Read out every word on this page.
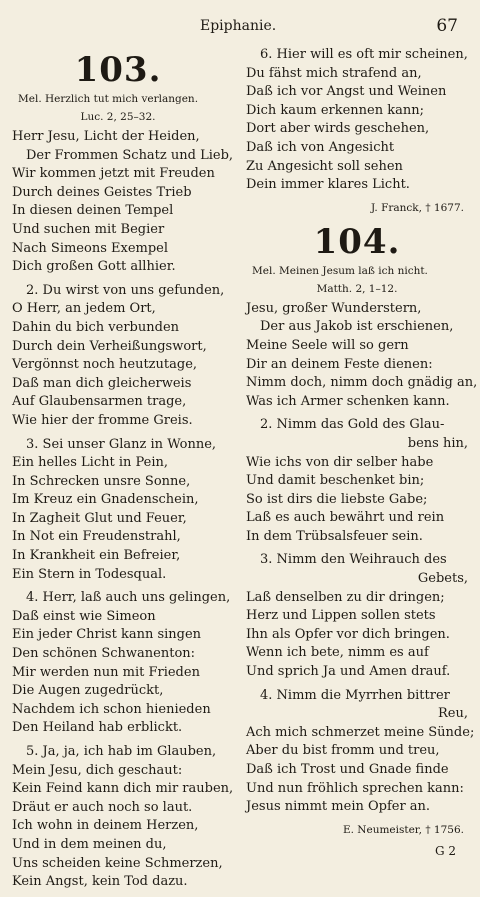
Epiphanie.	67
103.
Mel. Herzlich tut mich verlangen.
Luc. 2, 25–32.
Herr Jesu, Licht der Heiden,
Der Frommen Schatz und Lieb,
Wir kommen jetzt mit Freuden
Durch deines Geistes Trieb
In diesen deinen Tempel
Und suchen mit Begier
Nach Simeons Exempel
Dich großen Gott allhier.
2. Du wirst von uns gefunden,
O Herr, an jedem Ort,
Dahin du bich verbunden
Durch dein Verheißungswort,
Vergönnst noch heutzutage,
Daß man dich gleicherweis
Auf Glaubensarmen trage,
Wie hier der fromme Greis.
3. Sei unser Glanz in Wonne,
Ein helles Licht in Pein,
In Schrecken unsre Sonne,
Im Kreuz ein Gnadenschein,
In Zagheit Glut und Feuer,
In Not ein Freudenstrahl,
In Krankheit ein Befreier,
Ein Stern in Todesqual.
4. Herr, laß auch uns gelingen,
Daß einst wie Simeon
Ein jeder Christ kann singen
Den schönen Schwanenton:
Mir werden nun mit Frieden
Die Augen zugedrückt,
Nachdem ich schon hienieden
Den Heiland hab erblickt.
5. Ja, ja, ich hab im Glauben,
Mein Jesu, dich geschaut:
Kein Feind kann dich mir rauben,
Dräut er auch noch so laut.
Ich wohn in deinem Herzen,
Und in dem meinen du,
Uns scheiden keine Schmerzen,
Kein Angst, kein Tod dazu.
6. Hier will es oft mir scheinen,
Du fähst mich strafend an,
Daß ich vor Angst und Weinen
Dich kaum erkennen kann;
Dort aber wirds geschehen,
Daß ich von Angesicht
Zu Angesicht soll sehen
Dein immer klares Licht.
J. Franck, † 1677.
104.
Mel. Meinen Jesum laß ich nicht.
Matth. 2, 1–12.
Jesu, großer Wunderstern,
Der aus Jakob ist erschienen,
Meine Seele will so gern
Dir an deinem Feste dienen:
Nimm doch, nimm doch gnädig an,
Was ich Armer schenken kann.
2. Nimm das Gold des Glau-
bens hin,
Wie ichs von dir selber habe
Und damit beschenket bin;
So ist dirs die liebste Gabe;
Laß es auch bewährt und rein
In dem Trübsalsfeuer sein.
3. Nimm den Weihrauch des
Gebets,
Laß denselben zu dir dringen;
Herz und Lippen sollen stets
Ihn als Opfer vor dich bringen.
Wenn ich bete, nimm es auf
Und sprich Ja und Amen drauf.
4. Nimm die Myrrhen bittrer
Reu,
Ach mich schmerzet meine Sünde;
Aber du bist fromm und treu,
Daß ich Trost und Gnade finde
Und nun fröhlich sprechen kann:
Jesus nimmt mein Opfer an.
E. Neumeister, † 1756.
G 2
